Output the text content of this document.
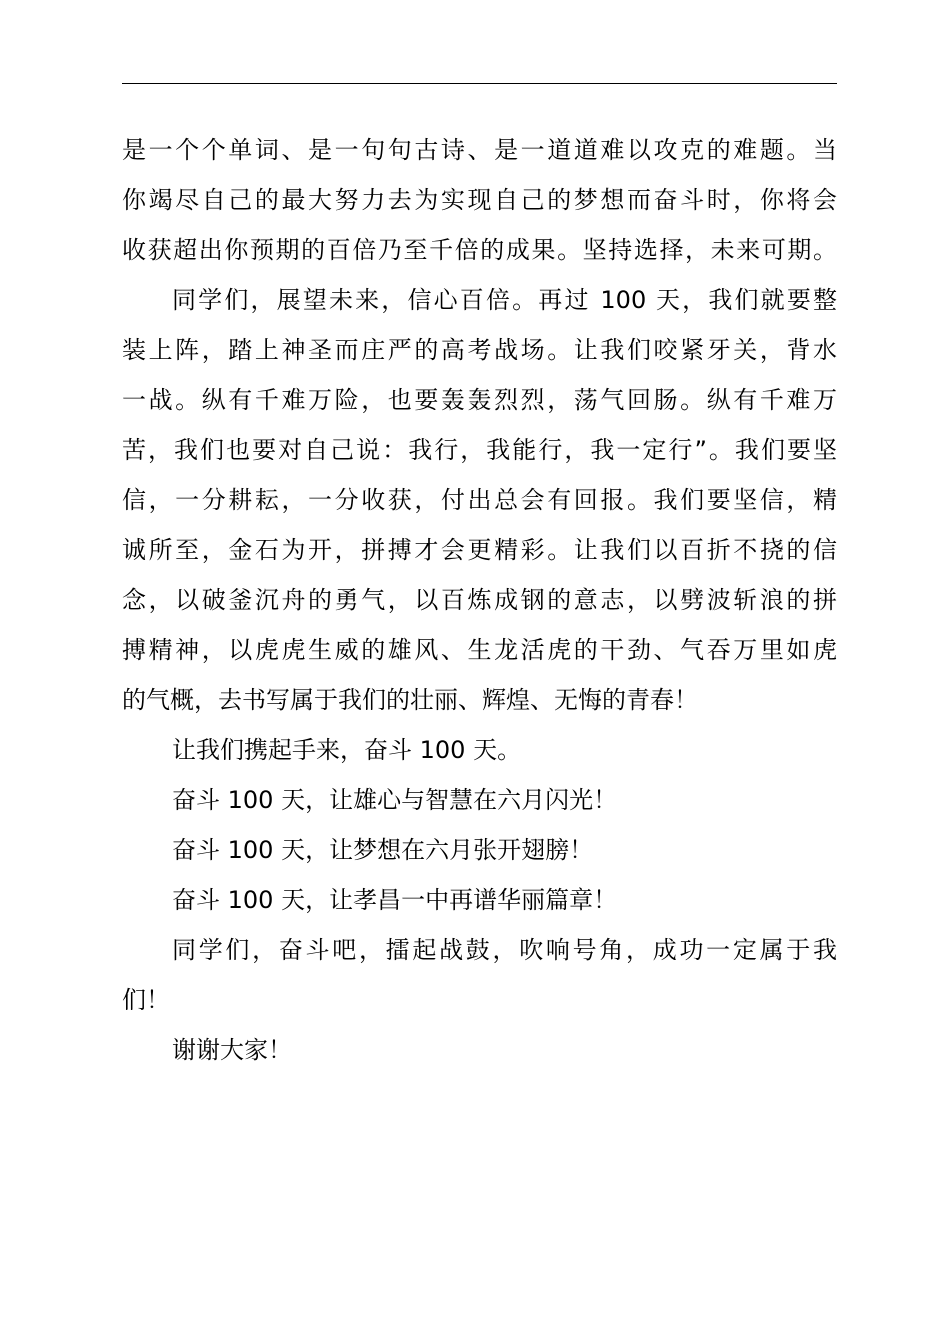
是一个个单词、是一句句古诗、是一道道难以攻克的难题。当
你竭尽自己的最大努力去为实现自己的梦想而奋斗时，你将会
收获超出你预期的百倍乃至千倍的成果。坚持选择，未来可期。
同学们，展望未来，信心百倍。再过 100 天，我们就要整
装上阵，踏上神圣而庄严的高考战场。让我们咬紧牙关，背水
一战。纵有千难万险，也要轰轰烈烈，荡气回肠。纵有千难万
苦，我们也要对自己说：我行，我能行，我一定行”。我们要坚
信，一分耕耘，一分收获，付出总会有回报。我们要坚信，精
诚所至，金石为开，拼搏才会更精彩。让我们以百折不挠的信
念，以破釜沉舟的勇气，以百炼成钢的意志，以劈波斩浪的拼
搏精神，以虎虎生威的雄风、生龙活虎的干劲、气吞万里如虎
的气概，去书写属于我们的壮丽、辉煌、无悔的青春！
让我们携起手来，奋斗 100 天。
奋斗 100 天，让雄心与智慧在六月闪光！
奋斗 100 天，让梦想在六月张开翅膀！
奋斗 100 天，让孝昌一中再谱华丽篇章！
同学们，奋斗吧，擂起战鼓，吹响号角，成功一定属于我
们！
谢谢大家！
